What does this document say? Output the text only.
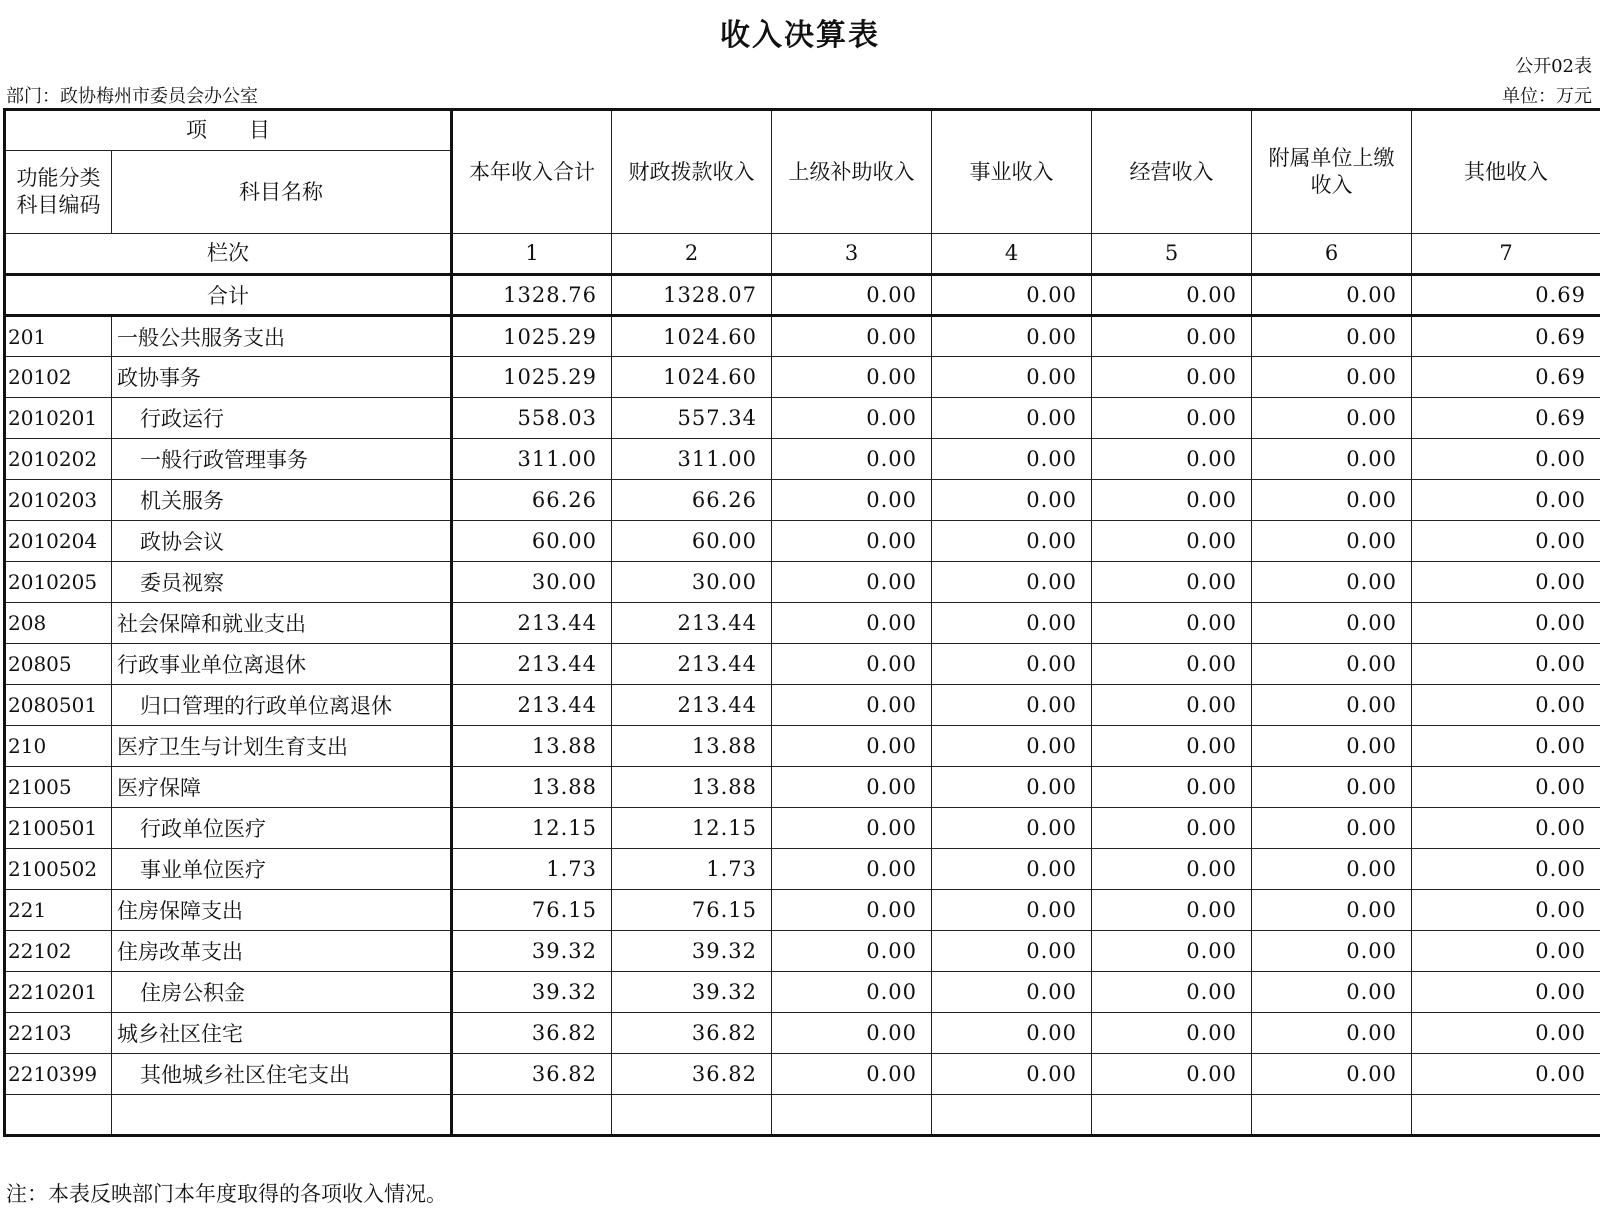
收入决算表
公开02表
部门：政协梅州市委员会办公室	单位：万元
项　　目		本年收入合计	财政拨款收入	上级补助收入	事业收入	经营收入	附属单位上缴收入	其他收入
功能分类科目编码	科目名称							
栏次		1	2	3	4	5	6	7
合计		1328.76	1328.07	0.00	0.00	0.00	0.00	0.69
201	一般公共服务支出	1025.29	1024.60	0.00	0.00	0.00	0.00	0.69
20102	政协事务	1025.29	1024.60	0.00	0.00	0.00	0.00	0.69
2010201	行政运行	558.03	557.34	0.00	0.00	0.00	0.00	0.69
2010202	一般行政管理事务	311.00	311.00	0.00	0.00	0.00	0.00	0.00
2010203	机关服务	66.26	66.26	0.00	0.00	0.00	0.00	0.00
2010204	政协会议	60.00	60.00	0.00	0.00	0.00	0.00	0.00
2010205	委员视察	30.00	30.00	0.00	0.00	0.00	0.00	0.00
208	社会保障和就业支出	213.44	213.44	0.00	0.00	0.00	0.00	0.00
20805	行政事业单位离退休	213.44	213.44	0.00	0.00	0.00	0.00	0.00
2080501	归口管理的行政单位离退休	213.44	213.44	0.00	0.00	0.00	0.00	0.00
210	医疗卫生与计划生育支出	13.88	13.88	0.00	0.00	0.00	0.00	0.00
21005	医疗保障	13.88	13.88	0.00	0.00	0.00	0.00	0.00
2100501	行政单位医疗	12.15	12.15	0.00	0.00	0.00	0.00	0.00
2100502	事业单位医疗	1.73	1.73	0.00	0.00	0.00	0.00	0.00
221	住房保障支出	76.15	76.15	0.00	0.00	0.00	0.00	0.00
22102	住房改革支出	39.32	39.32	0.00	0.00	0.00	0.00	0.00
2210201	住房公积金	39.32	39.32	0.00	0.00	0.00	0.00	0.00
22103	城乡社区住宅	36.82	36.82	0.00	0.00	0.00	0.00	0.00
2210399	其他城乡社区住宅支出	36.82	36.82	0.00	0.00	0.00	0.00	0.00

注：本表反映部门本年度取得的各项收入情况。
